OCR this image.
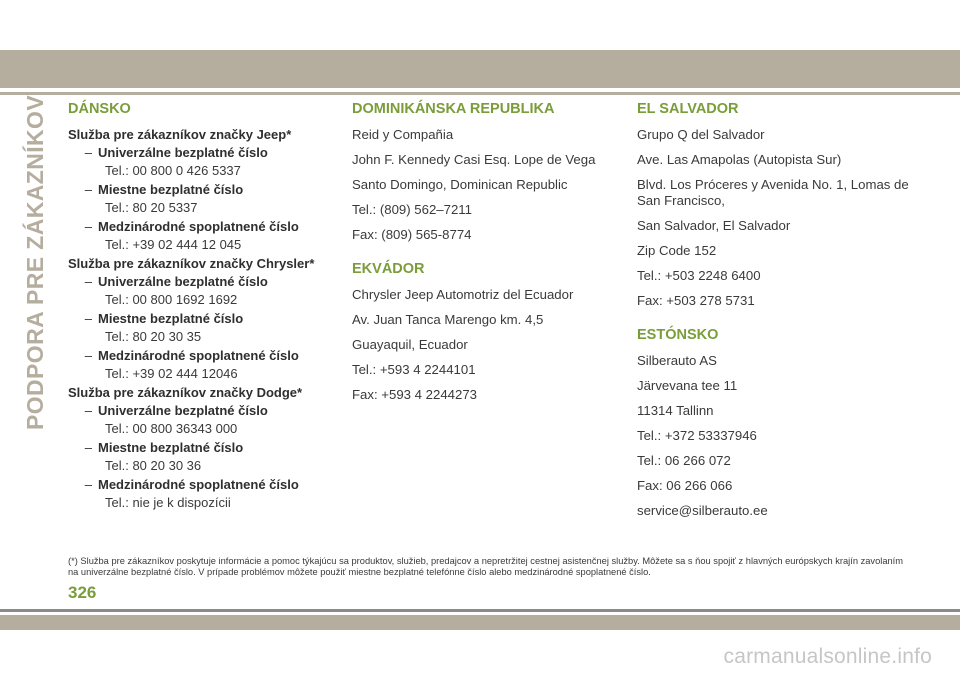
PODPORA PRE ZÁKAZNÍKOV DÁNSKO
Služba pre zákazníkov značky Jeep*
– Univerzálne bezplatné číslo
Tel.: 00 800 0 426 5337
– Miestne bezplatné číslo
Tel.: 80 20 5337
– Medzinárodné spoplatnené číslo
Tel.: +39 02 444 12 045
Služba pre zákazníkov značky Chrysler*
– Univerzálne bezplatné číslo
Tel.: 00 800 1692 1692
– Miestne bezplatné číslo
Tel.: 80 20 30 35
– Medzinárodné spoplatnené číslo
Tel.: +39 02 444 12046
Služba pre zákazníkov značky Dodge*
– Univerzálne bezplatné číslo
Tel.: 00 800 36343 000
– Miestne bezplatné číslo
Tel.: 80 20 30 36
– Medzinárodné spoplatnené číslo
Tel.: nie je k dispozícii
DOMINIKÁNSKA REPUBLIKA
Reid y Compañia
John F. Kennedy Casi Esq. Lope de Vega
Santo Domingo, Dominican Republic
Tel.: (809) 562–7211
Fax: (809) 565-8774
EKVÁDOR
Chrysler Jeep Automotriz del Ecuador
Av. Juan Tanca Marengo km. 4,5
Guayaquil, Ecuador
Tel.: +593 4 2244101
Fax: +593 4 2244273
EL SALVADOR
Grupo Q del Salvador
Ave. Las Amapolas (Autopista Sur)
Blvd. Los Próceres y Avenida No. 1, Lomas de San Francisco,
San Salvador, El Salvador
Zip Code 152
Tel.: +503 2248 6400
Fax: +503 278 5731
ESTÓNSKO
Silberauto AS
Järvevana tee 11
11314 Tallinn
Tel.: +372 53337946
Tel.: 06 266 072
Fax: 06 266 066
service@silberauto.ee
(*) Služba pre zákazníkov poskytuje informácie a pomoc týkajúcu sa produktov, služieb, predajcov a nepretržitej cestnej asistenčnej služby. Môžete sa s ňou spojiť z hlavných európskych krajín zavolaním na univerzálne bezplatné číslo. V prípade problémov môžete použiť miestne bezplatné telefónne číslo alebo medzinárodné spoplatnené číslo.
326
carmanualsonline.info
